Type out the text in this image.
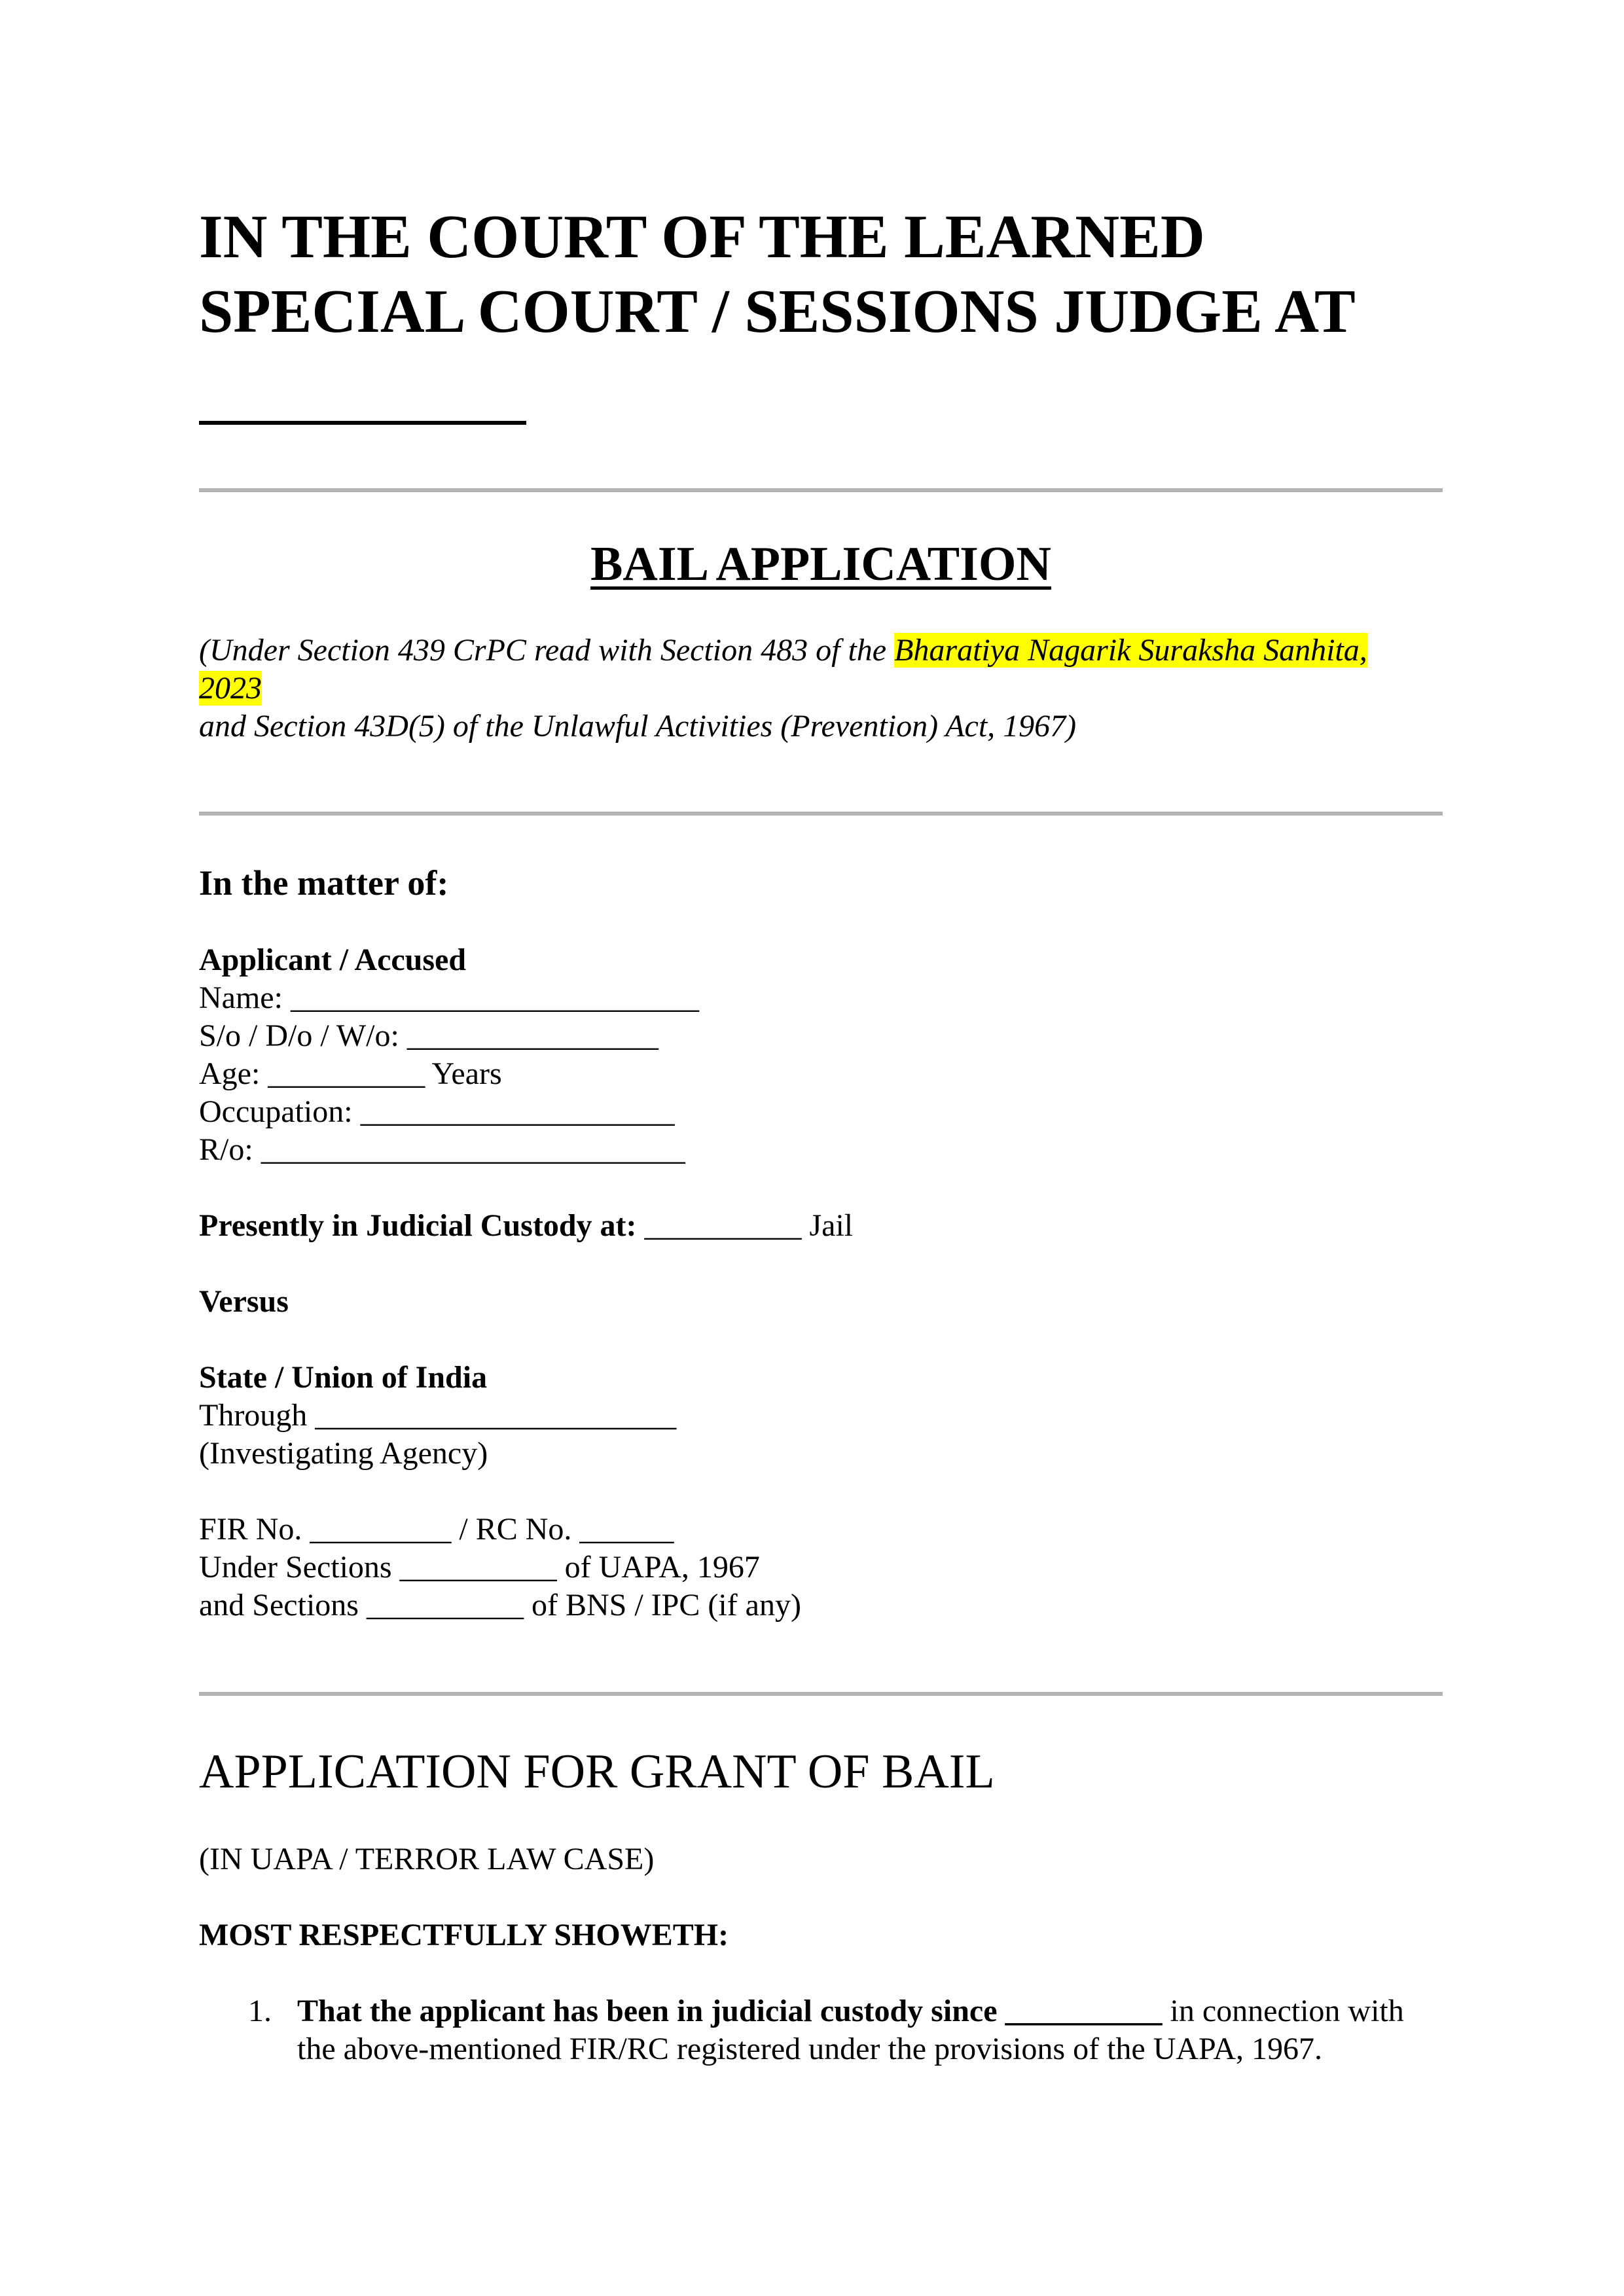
IN THE COURT OF THE LEARNED
SPECIAL COURT / SESSIONS JUDGE AT
BAIL APPLICATION
(Under Section 439 CrPC read with Section 483 of the Bharatiya Nagarik Suraksha Sanhita,
2023
and Section 43D(5) of the Unlawful Activities (Prevention) Act, 1967)
In the matter of:
Applicant / Accused
Name: __________________________
S/o / D/o / W/o: ________________
Age: __________ Years
Occupation: ____________________
R/o: ___________________________
Presently in Judicial Custody at: __________ Jail
Versus
State / Union of India
Through _______________________
(Investigating Agency)
FIR No. _________ / RC No. ______
Under Sections __________ of UAPA, 1967
and Sections __________ of BNS / IPC (if any)
APPLICATION FOR GRANT OF BAIL
(IN UAPA / TERROR LAW CASE)
MOST RESPECTFULLY SHOWETH:
1. That the applicant has been in judicial custody since __________ in connection with the above-mentioned FIR/RC registered under the provisions of the UAPA, 1967.
